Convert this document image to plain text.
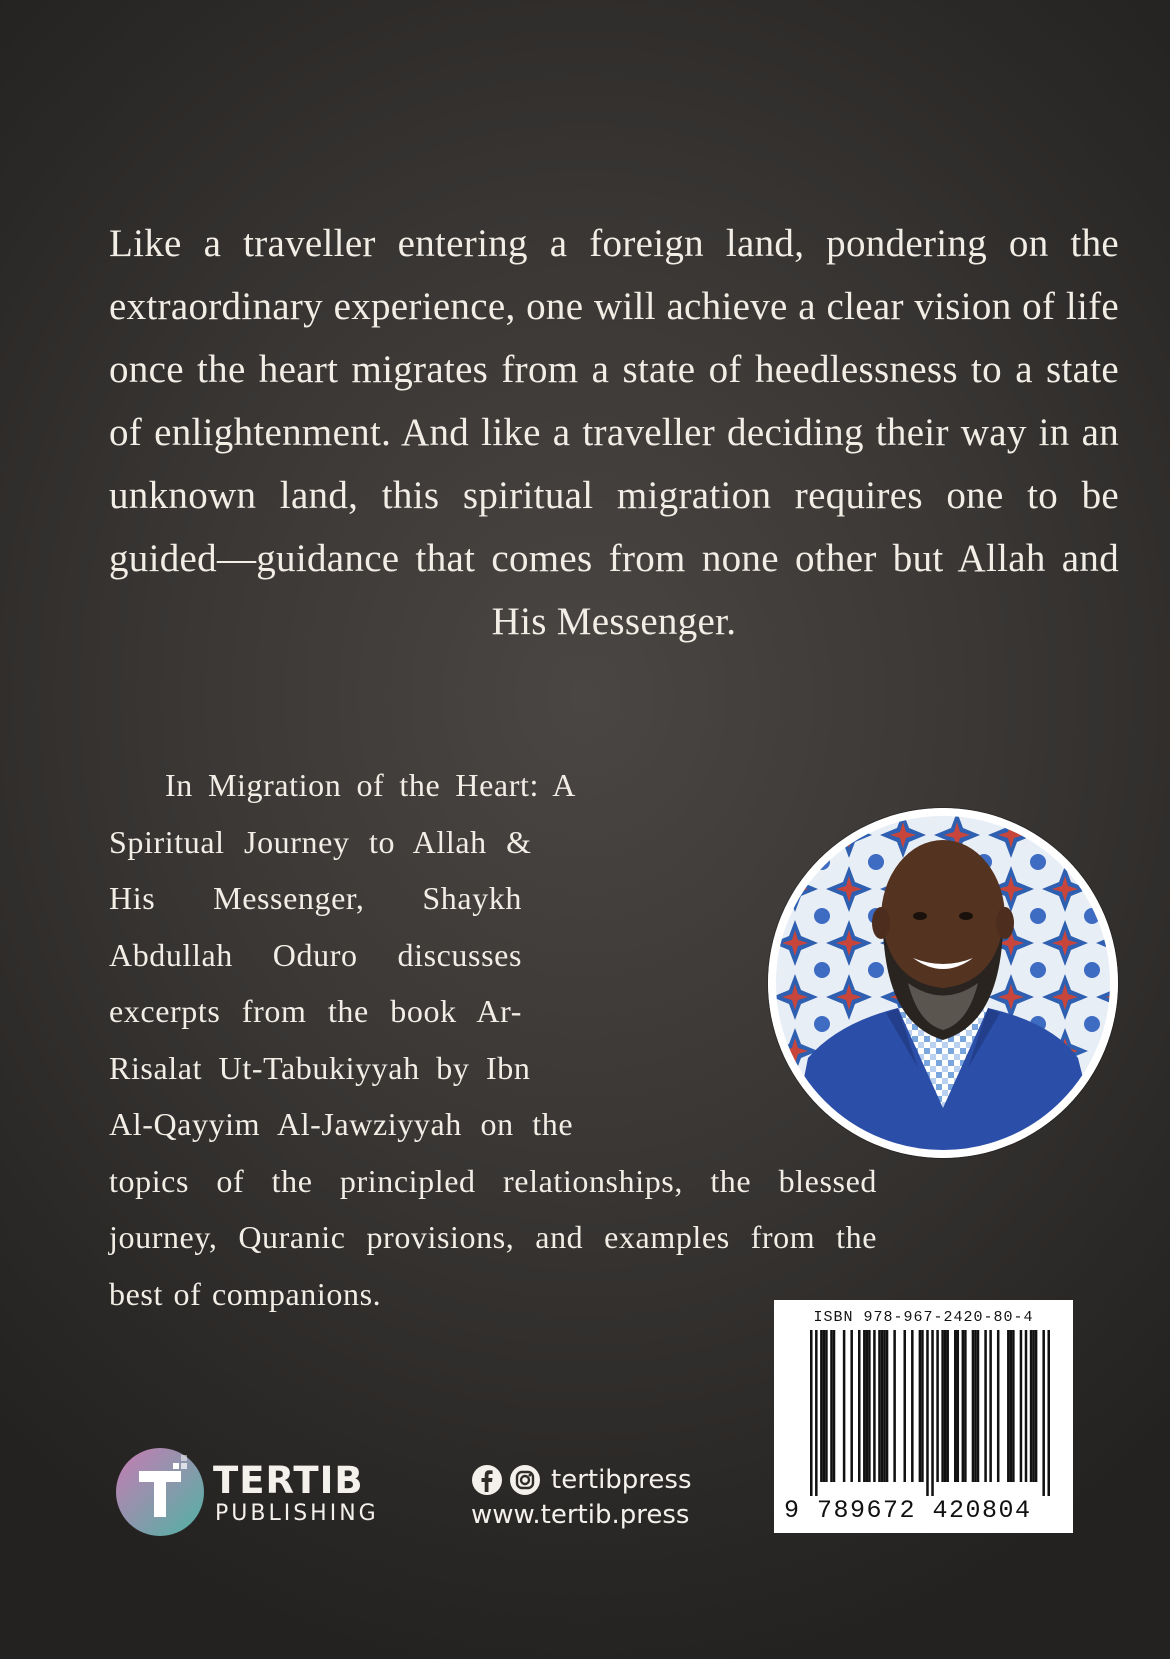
Like a traveller entering a foreign land, pondering on the extraordinary experience, one will achieve a clear vision of life once the heart migrates from a state of heedlessness to a state of enlightenment. And like a traveller deciding their way in an unknown land, this spiritual migration requires one to be guided—guidance that comes from none other but Allah and His Messenger.

In Migration of the Heart: A Spiritual Journey to Allah & His Messenger, Shaykh Abdullah Oduro discusses excerpts from the book Ar-Risalat Ut-Tabukiyyah by Ibn Al-Qayyim Al-Jawziyyah on the topics of the principled relationships, the blessed journey, Quranic provisions, and examples from the best of companions.

ISBN 978-967-2420-80-4
9 789672 420804
TERTIB
PUBLISHING
tertibpress
www.tertib.press
